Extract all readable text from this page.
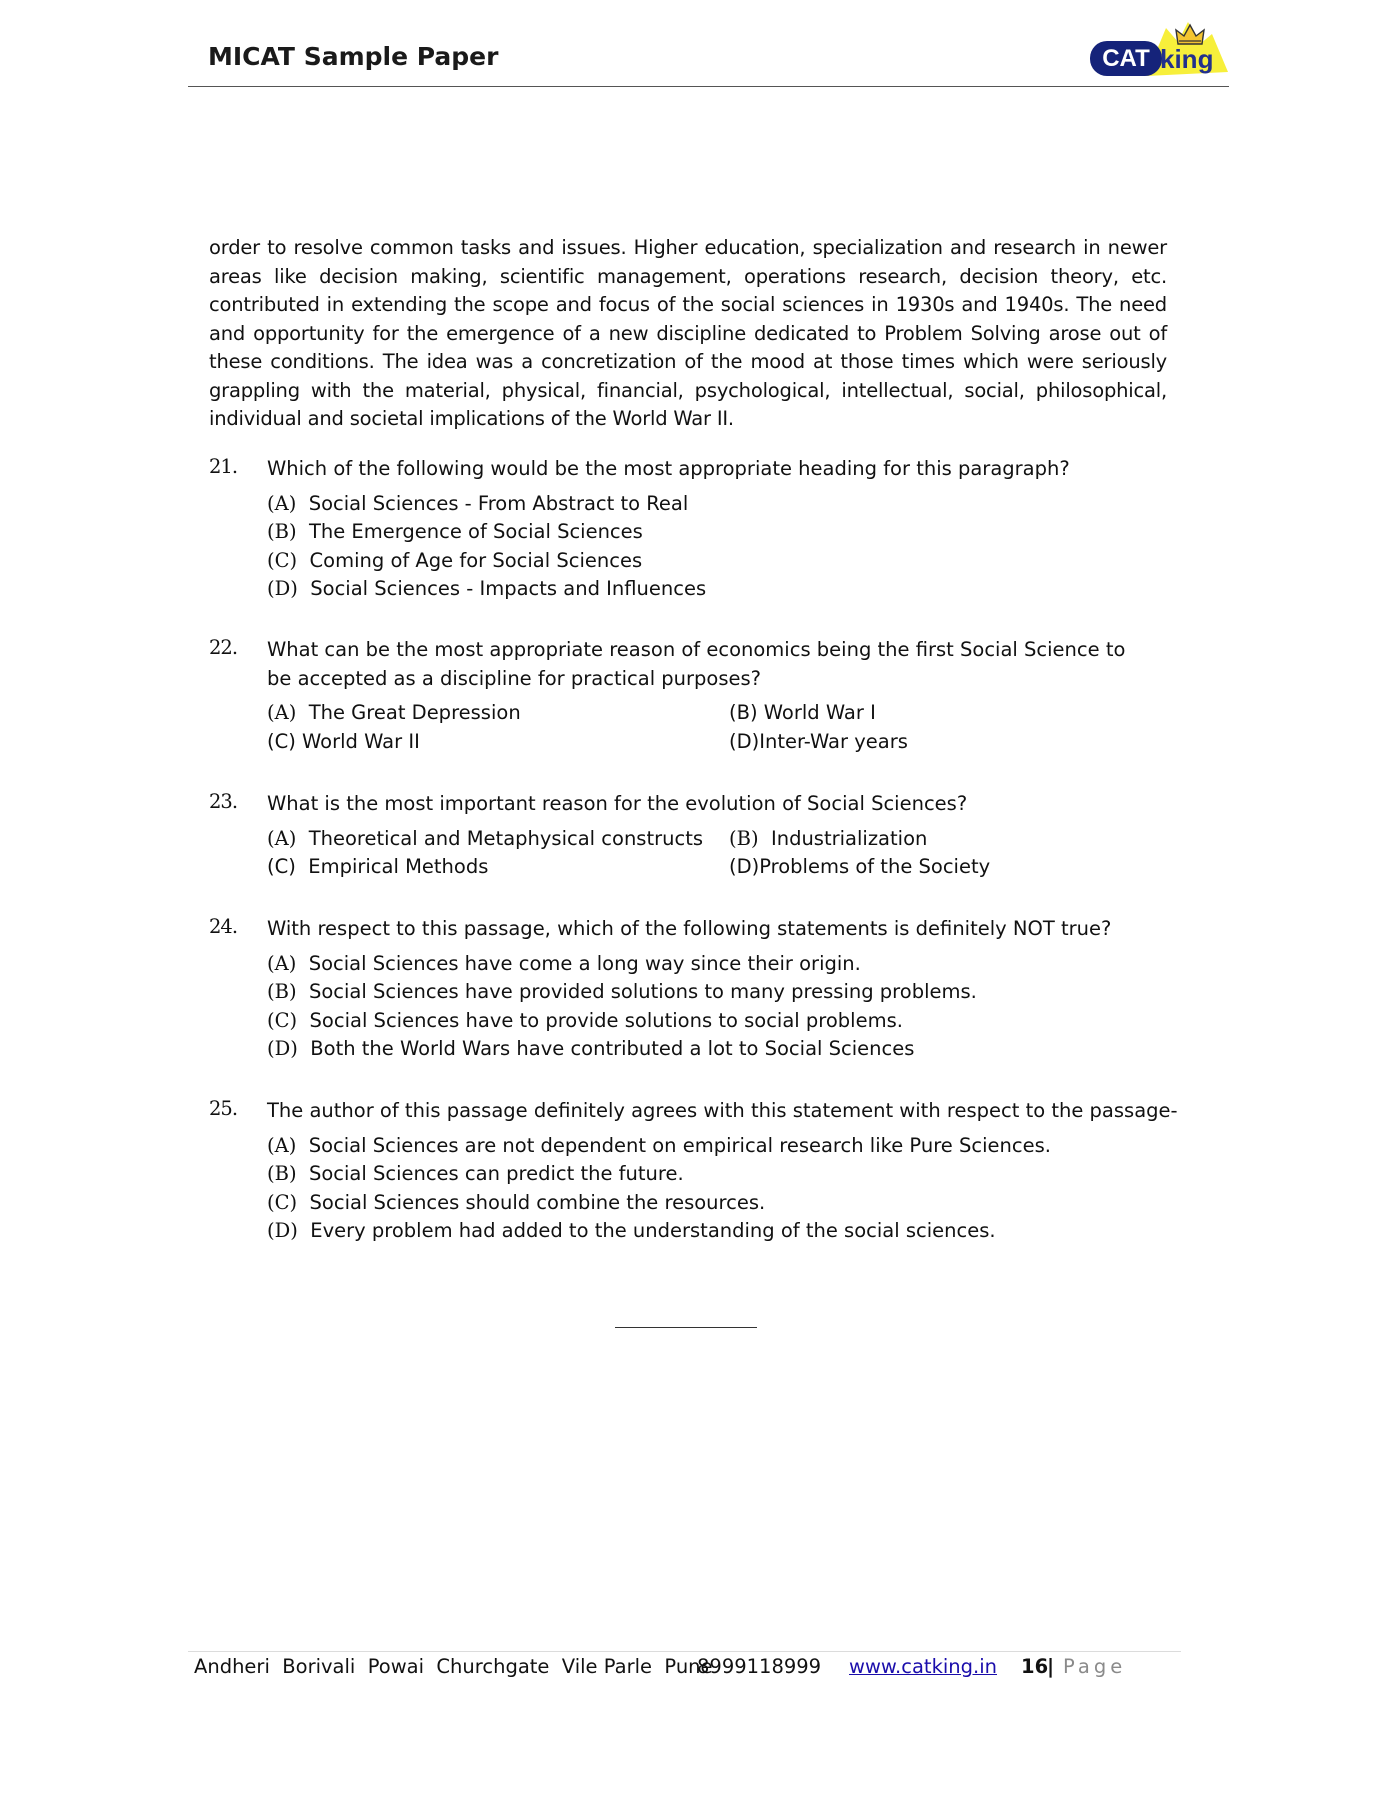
MICAT Sample Paper	CAT king
order to resolve common tasks and issues. Higher education, specialization and research in newer areas like decision making, scientific management, operations research, decision theory, etc. contributed in extending the scope and focus of the social sciences in 1930s and 1940s. The need and opportunity for the emergence of a new discipline dedicated to Problem Solving arose out of these conditions. The idea was a concretization of the mood at those times which were seriously grappling with the material, physical, financial, psychological, intellectual, social, philosophical, individual and societal implications of the World War II.
21. Which of the following would be the most appropriate heading for this paragraph?
(A) Social Sciences - From Abstract to Real
(B) The Emergence of Social Sciences
(C) Coming of Age for Social Sciences
(D) Social Sciences - Impacts and Influences
22. What can be the most appropriate reason of economics being the first Social Science to be accepted as a discipline for practical purposes?
(A) The Great Depression	(B) World War I
(C) World War II	(D)Inter-War years
23. What is the most important reason for the evolution of Social Sciences?
(A) Theoretical and Metaphysical constructs	(B) Industrialization
(C) Empirical Methods	(D)Problems of the Society
24. With respect to this passage, which of the following statements is definitely NOT true?
(A) Social Sciences have come a long way since their origin.
(B) Social Sciences have provided solutions to many pressing problems.
(C) Social Sciences have to provide solutions to social problems.
(D) Both the World Wars have contributed a lot to Social Sciences
25. The author of this passage definitely agrees with this statement with respect to the passage-
(A) Social Sciences are not dependent on empirical research like Pure Sciences.
(B) Social Sciences can predict the future.
(C) Social Sciences should combine the resources.
(D) Every problem had added to the understanding of the social sciences.
Andheri  Borivali  Powai  Churchgate  Vile Parle  Pune
8999118999 www.catking.in 16
| Page
